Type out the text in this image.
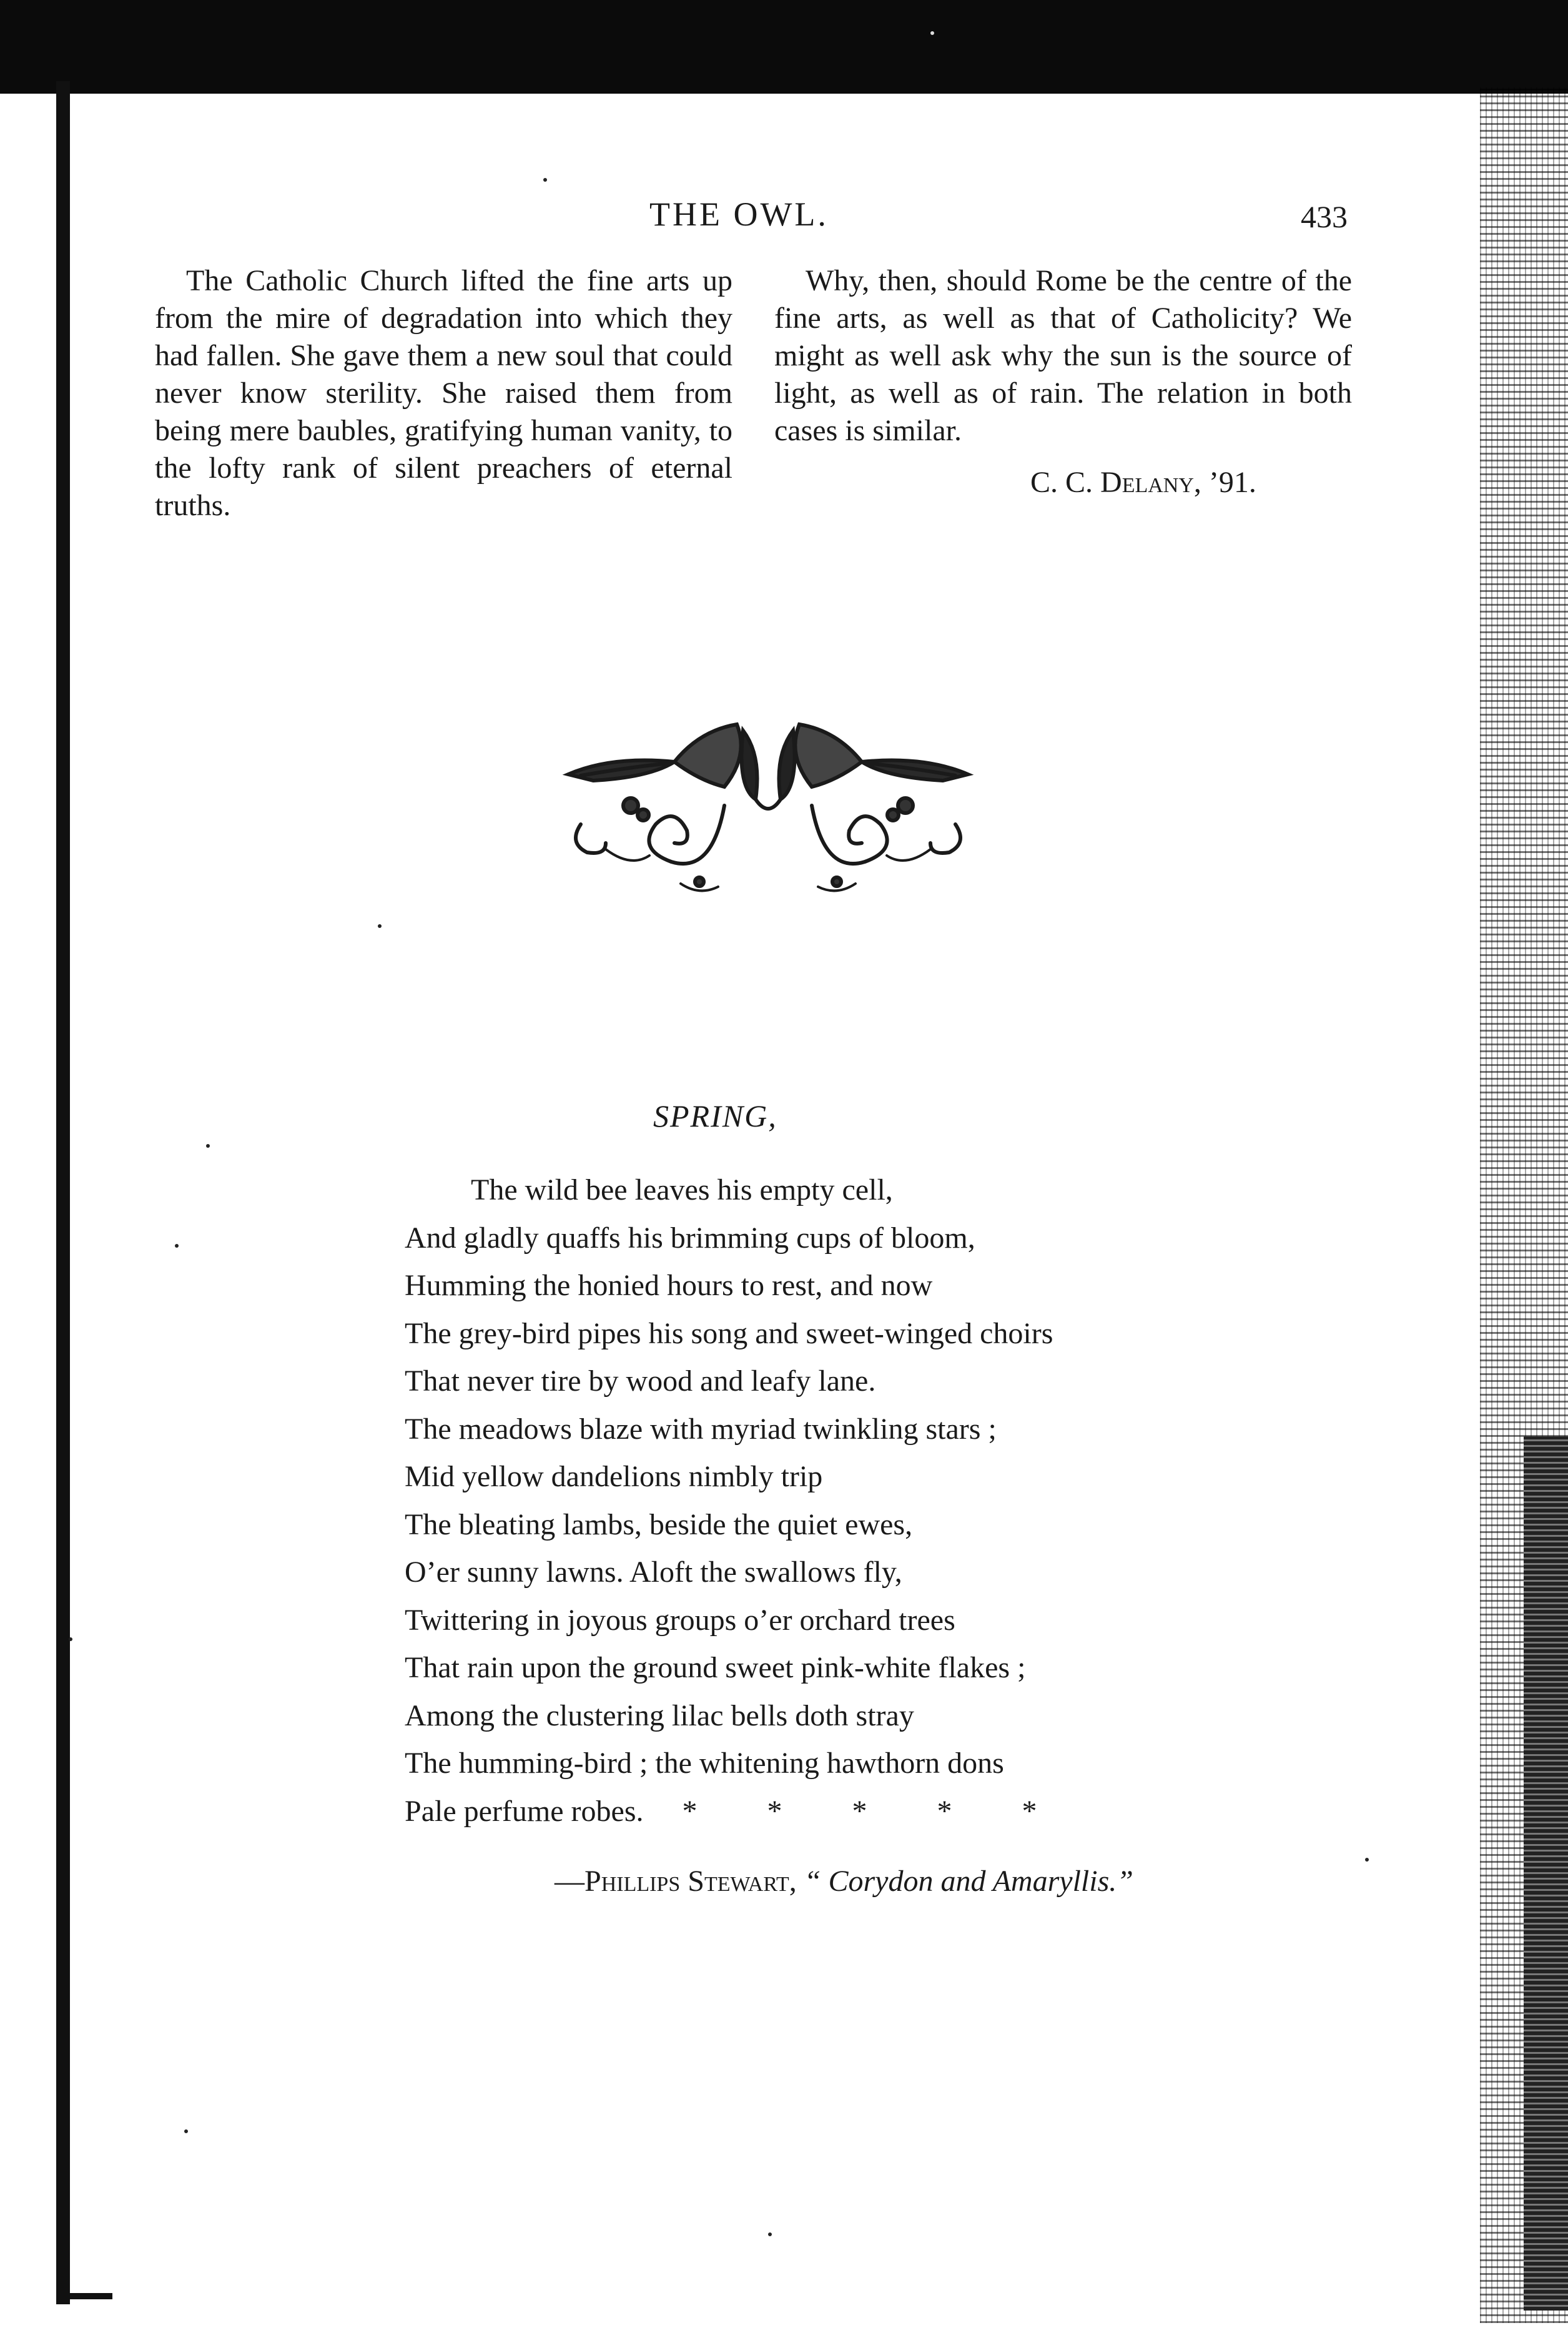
THE OWL.	433

The Catholic Church lifted the fine arts up from the mire of degradation into which they had fallen. She gave them a new soul that could never know sterility. She raised them from being mere baubles, gratifying human vanity, to the lofty rank of silent preachers of eternal truths.

Why, then, should Rome be the centre of the fine arts, as well as that of Catholicity? We might as well ask why the sun is the source of light, as well as of rain. The relation in both cases is similar.

C. C. Delany, ’91.
SPRING,
The wild bee leaves his empty cell,
And gladly quaffs his brimming cups of bloom,
Humming the honied hours to rest, and now
The grey-bird pipes his song and sweet-winged choirs
That never tire by wood and leafy lane.
The meadows blaze with myriad twinkling stars ;
Mid yellow dandelions nimbly trip
The bleating lambs, beside the quiet ewes,
O’er sunny lawns. Aloft the swallows fly,
Twittering in joyous groups o’er orchard trees
That rain upon the ground sweet pink-white flakes ;
Among the clustering lilac bells doth stray
The humming-bird ; the whitening hawthorn dons
Pale perfume robes. * * * * *
—Phillips Stewart, “ Corydon and Amaryllis.”
